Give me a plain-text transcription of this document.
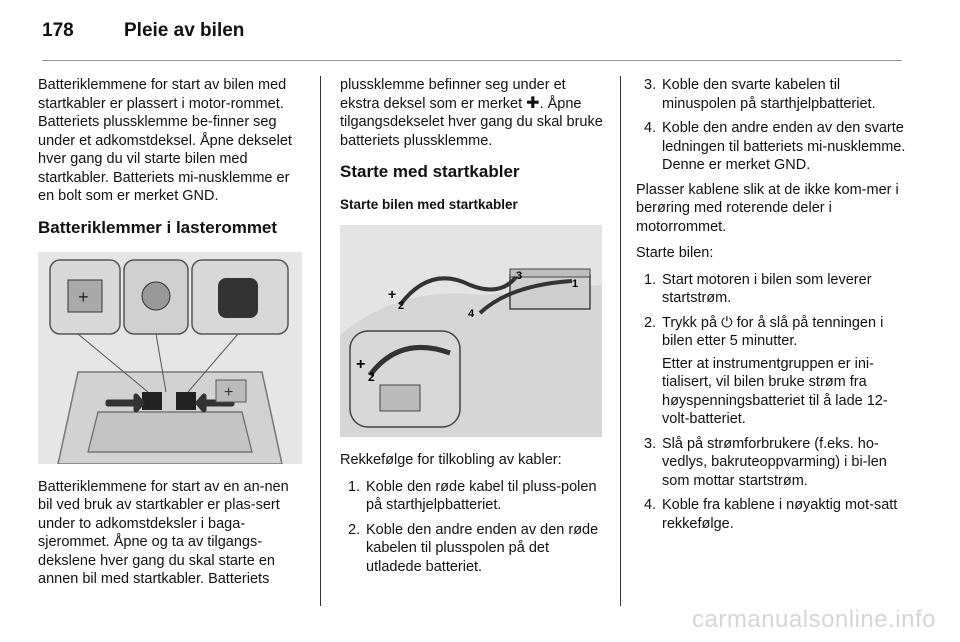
178	Pleie av bilen

Batteriklemmene for start av bilen med startkabler er plassert i motor-rommet. Batteriets plussklemme be-finner seg under et adkomstdeksel. Åpne dekselet hver gang du vil starte bilen med startkabler. Batteriets mi-nusklemme er en bolt som er merket GND.

Batteriklemmer i lasterommet
+
+

Batteriklemmene for start av en an-nen bil ved bruk av startkabler er plas-sert under to adkomstdeksler i baga-sjerommet. Åpne og ta av tilgangs-dekslene hver gang du skal starte en annen bil med startkabler. Batteriets

plussklemme befinner seg under et ekstra deksel som er merket ✚. Åpne tilgangsdekselet hver gang du skal bruke batteriets plussklemme.

Starte med startkabler
Starte bilen med startkabler
+
2
3
1
4
+
2

Rekkefølge for tilkobling av kabler:

1. Koble den røde kabel til pluss-polen på starthjelpbatteriet.
2. Koble den andre enden av den røde kabelen til plusspolen på det utladede batteriet.
3. Koble den svarte kabelen til minuspolen på starthjelpbatteriet.
4. Koble den andre enden av den svarte ledningen til batteriets mi-nusklemme. Denne er merket GND.

Plasser kablene slik at de ikke kom-mer i berøring med roterende deler i motorrommet.

Starte bilen:

1. Start motoren i bilen som leverer startstrøm.
2. Trykk på ⏻ for å slå på tenningen i bilen etter 5 minutter.
Etter at instrumentgruppen er ini-tialisert, vil bilen bruke strøm fra høyspenningsbatteriet til å lade 12-volt-batteriet.
3. Slå på strømforbrukere (f.eks. ho-vedlys, bakruteoppvarming) i bi-len som mottar startstrøm.
4. Koble fra kablene i nøyaktig mot-satt rekkefølge.
carmanualsonline.info
